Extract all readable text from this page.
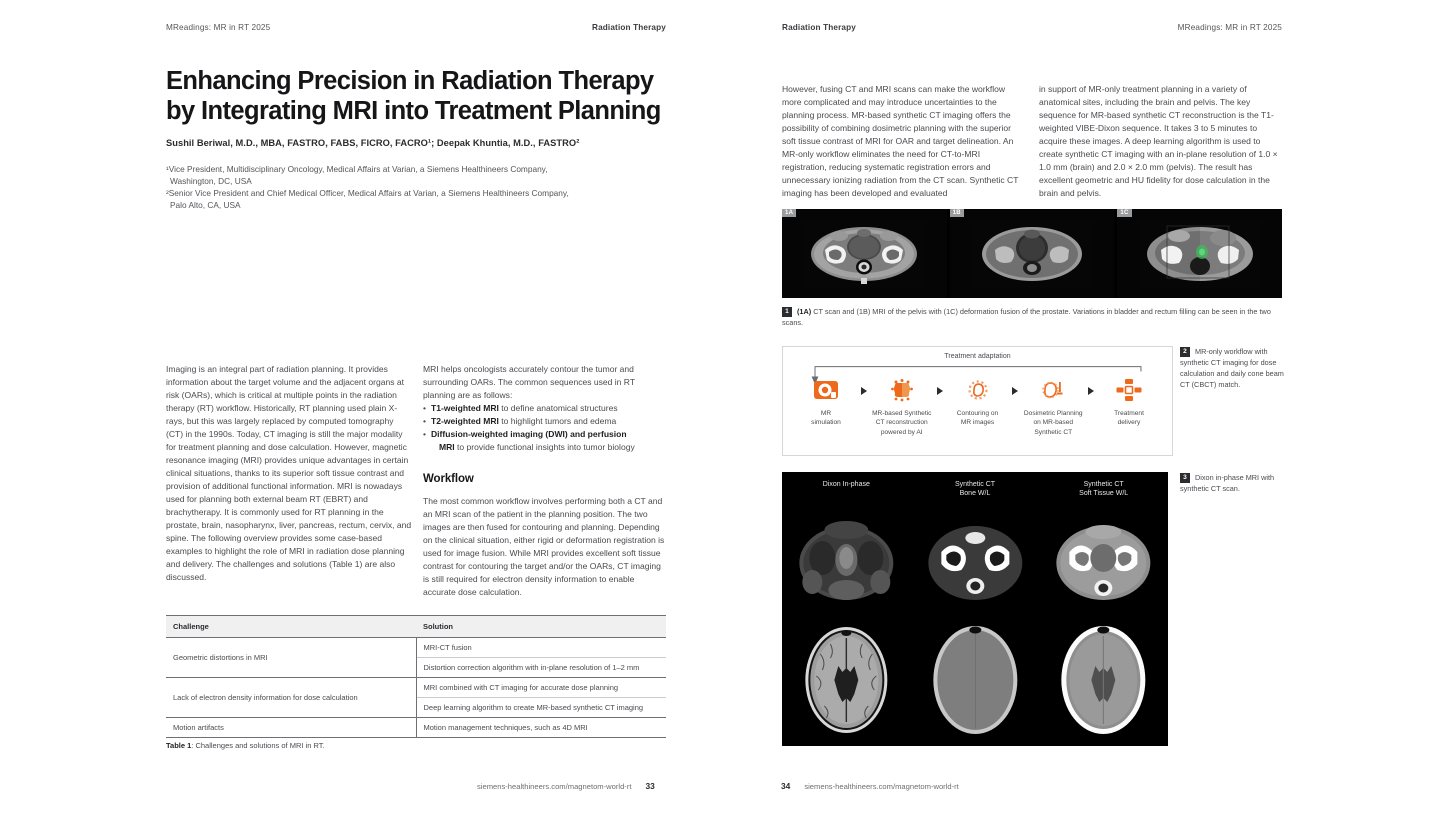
MReadings: MR in RT 2025	Radiation Therapy
Enhancing Precision in Radiation Therapy
by Integrating MRI into Treatment Planning
Sushil Beriwal, M.D., MBA, FASTRO, FABS, FICRO, FACRO¹; Deepak Khuntia, M.D., FASTRO²

¹Vice President, Multidisciplinary Oncology, Medical Affairs at Varian, a Siemens Healthineers Company,

Washington, DC, USA

²Senior Vice President and Chief Medical Officer, Medical Affairs at Varian, a Siemens Healthineers Company,

Palo Alto, CA, USA

Imaging is an integral part of radiation planning. It provides information about the target volume and the adjacent organs at risk (OARs), which is critical at multiple points in the radiation therapy (RT) workflow. Historically, RT planning used plain X-rays, but this was largely replaced by computed tomography (CT) in the 1990s. Today, CT imaging is still the major modality for treatment planning and dose calculation. However, magnetic resonance imaging (MRI) provides unique advantages in certain clinical situations, thanks to its superior soft tissue contrast and provision of additional functional information. MRI is nowadays used for planning both external beam RT (EBRT) and brachytherapy. It is commonly used for RT planning in the prostate, brain, nasopharynx, liver, pancreas, rectum, cervix, and spine. The following overview provides some case-based examples to highlight the role of MRI in radiation dose planning and delivery. The challenges and solutions (Table 1) are also discussed.

MRI helps oncologists accurately contour the tumor and surrounding OARs. The common sequences used in RT planning are as follows:

• T1-weighted MRI to define anatomical structures
• T2-weighted MRI to highlight tumors and edema
• Diffusion-weighted imaging (DWI) and perfusion
MRI to provide functional insights into tumor biology
Workflow

The most common workflow involves performing both a CT and an MRI scan of the patient in the planning position. The two images are then fused for contouring and planning. Depending on the clinical situation, either rigid or deformation registration is used for image fusion. While MRI provides excellent soft tissue contrast for contouring the target and/or the OARs, CT imaging is still required for electron density information to enable accurate dose calculation.

Challenge	Solution
Geometric distortions in MRI	MRI-CT fusion
	Distortion correction algorithm with in-plane resolution of 1–2 mm
Lack of electron density information for dose calculation	MRI combined with CT imaging for accurate dose planning
	Deep learning algorithm to create MR-based synthetic CT imaging
Motion artifacts	Motion management techniques, such as 4D MRI
Table 1: Challenges and solutions of MRI in RT.
siemens-healthineers.com/magnetom-world-rt 33
Radiation Therapy	MReadings: MR in RT 2025

However, fusing CT and MRI scans can make the workflow more complicated and may introduce uncertainties to the planning process. MR-based synthetic CT imaging offers the possibility of combining dosimetric planning with the superior soft tissue contrast of MRI for OAR and target delineation. An MR-only workflow eliminates the need for CT-to-MRI registration, reducing systematic registration errors and unnecessary ionizing radiation from the CT scan. Synthetic CT imaging has been developed and evaluated

in support of MR-only treatment planning in a variety of anatomical sites, including the brain and pelvis. The key sequence for MR-based synthetic CT reconstruction is the T1-weighted VIBE-Dixon sequence. It takes 3 to 5 minutes to acquire these images. A deep learning algorithm is used to create synthetic CT imaging with an in-plane resolution of 1.0 × 1.0 mm (brain) and 2.0 × 2.0 mm (pelvis). The result has excellent geometric and HU fidelity for dose calculation in the brain and pelvis.

1A	1B	1C
1 (1A) CT scan and (1B) MRI of the pelvis with (1C) deformation fusion of the prostate. Variations in bladder and rectum filling can be seen in the two scans.
Treatment adaptation
MR
simulation
MR-based Synthetic
CT reconstruction
powered by AI
Contouring on
MR images
Dosimetric Planning
on MR-based
Synthetic CT
Treatment
delivery
2 MR-only workflow with synthetic CT imaging for dose calculation and daily cone beam CT (CBCT) match.
Dixon In-phase	Synthetic CT
Bone W/L
Synthetic CT
Soft Tissue W/L
3 Dixon in-phase MRI with synthetic CT scan.
34 siemens-healthineers.com/magnetom-world-rt
